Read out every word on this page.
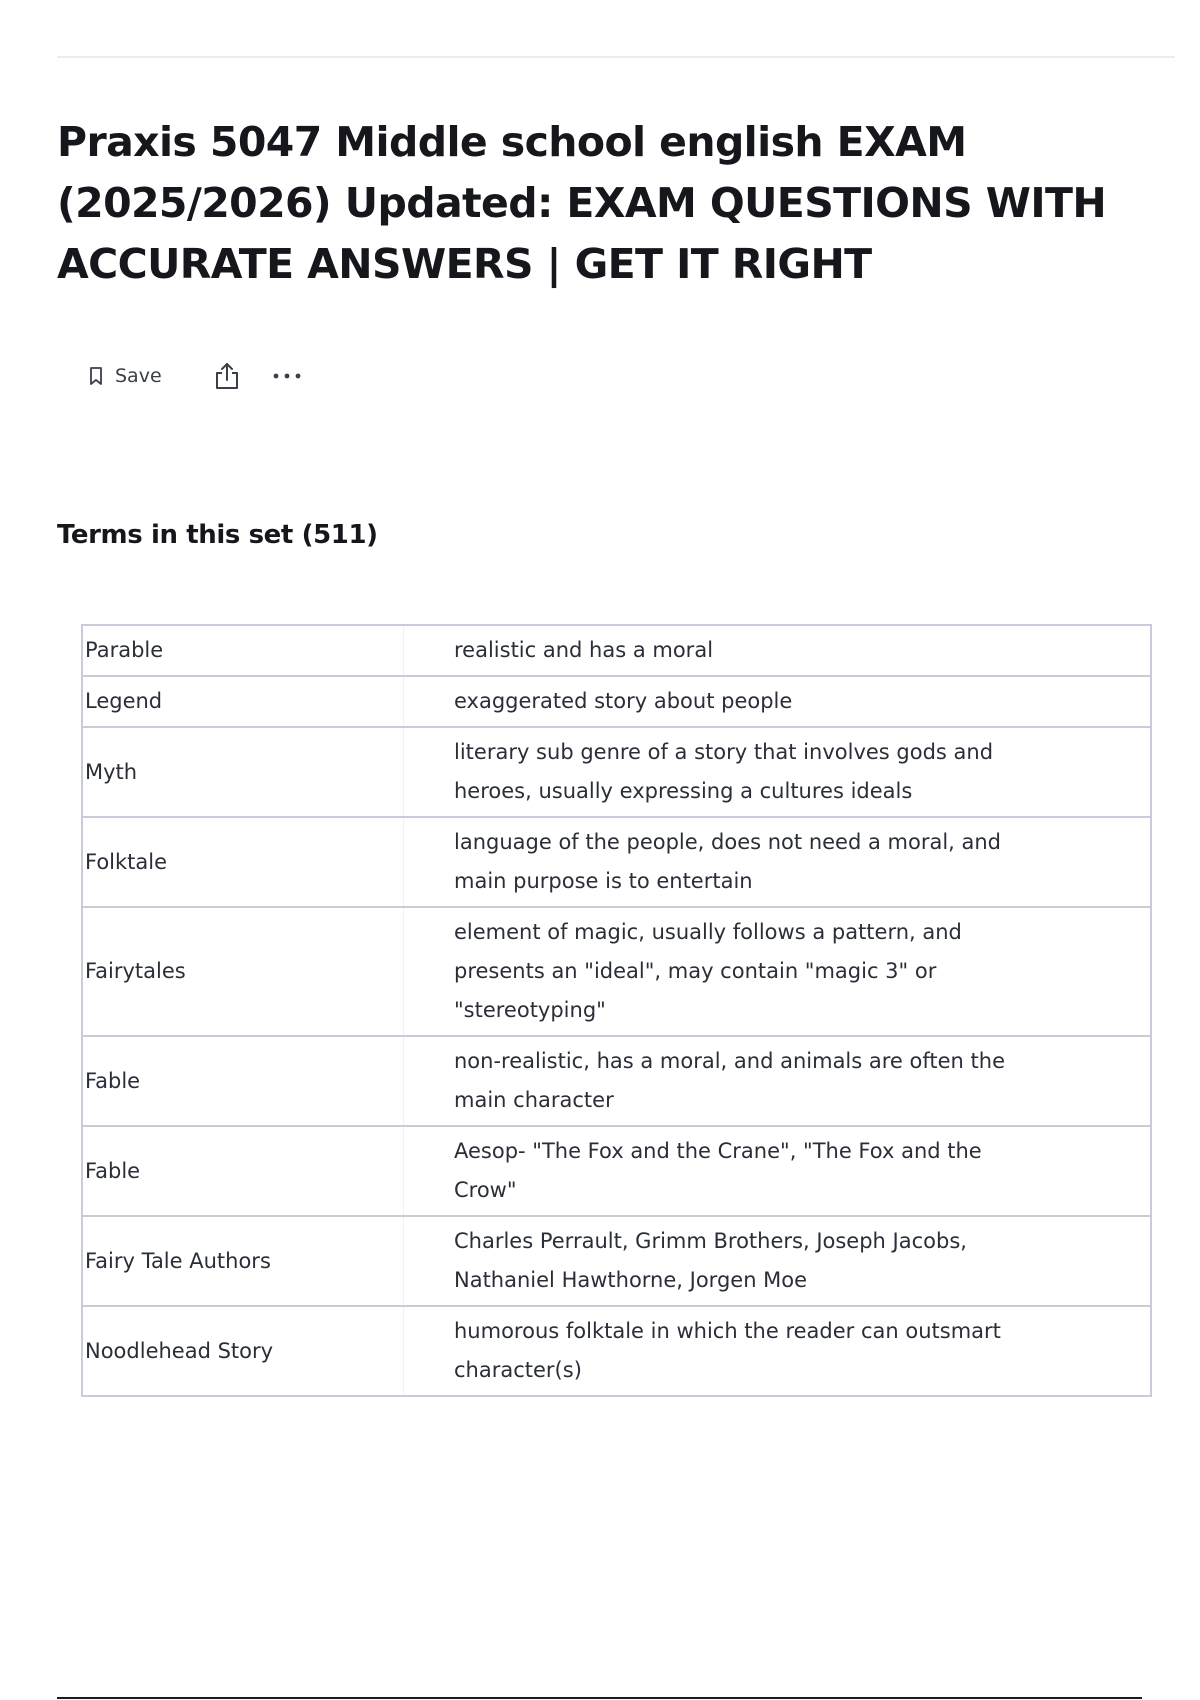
Praxis 5047 Middle school english EXAM (2025/2026) Updated: EXAM QUESTIONS WITH ACCURATE ANSWERS | GET IT RIGHT
Save
Terms in this set (511)
Parable	realistic and has a moral
Legend	exaggerated story about people
Myth	literary sub genre of a story that involves gods and heroes, usually expressing a cultures ideals
Folktale	language of the people, does not need a moral, and main purpose is to entertain
Fairytales	element of magic, usually follows a pattern, and presents an "ideal", may contain "magic 3" or "stereotyping"
Fable	non-realistic, has a moral, and animals are often the main character
Fable	Aesop- "The Fox and the Crane", "The Fox and the Crow"
Fairy Tale Authors	Charles Perrault, Grimm Brothers, Joseph Jacobs, Nathaniel Hawthorne, Jorgen Moe
Noodlehead Story	humorous folktale in which the reader can outsmart character(s)
